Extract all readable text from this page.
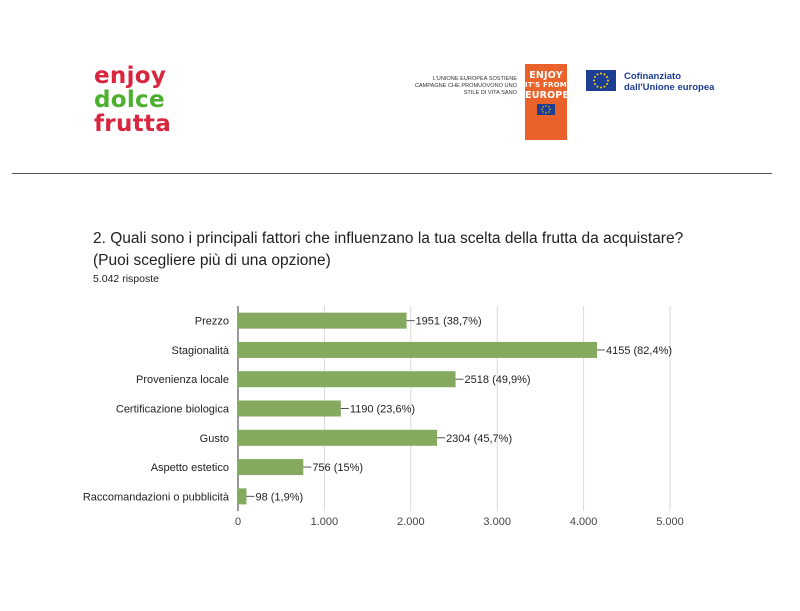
enjoy
dolce
frutta
L'UNIONE EUROPEA SOSTIENE CAMPAGNE CHE PROMUOVONO UNO STILE DI VITA SANO
ENJOY
IT'S FROM
EUROPE
Cofinanziato
dall'Unione europea
2. Quali sono i principali fattori che influenzano la tua scelta della frutta da acquistare? (Puoi scegliere più di una opzione)
5.042 risposte
0	1.000	2.000	3.000	4.000	5.000
Prezzo	1951 (38,7%)
Stagionalità	4155 (82,4%)
Provenienza locale	2518 (49,9%)
Certificazione biologica	1190 (23,6%)
Gusto	2304 (45,7%)
Aspetto estetico	756 (15%)
Raccomandazioni o pubblicità 98 (1,9%)
